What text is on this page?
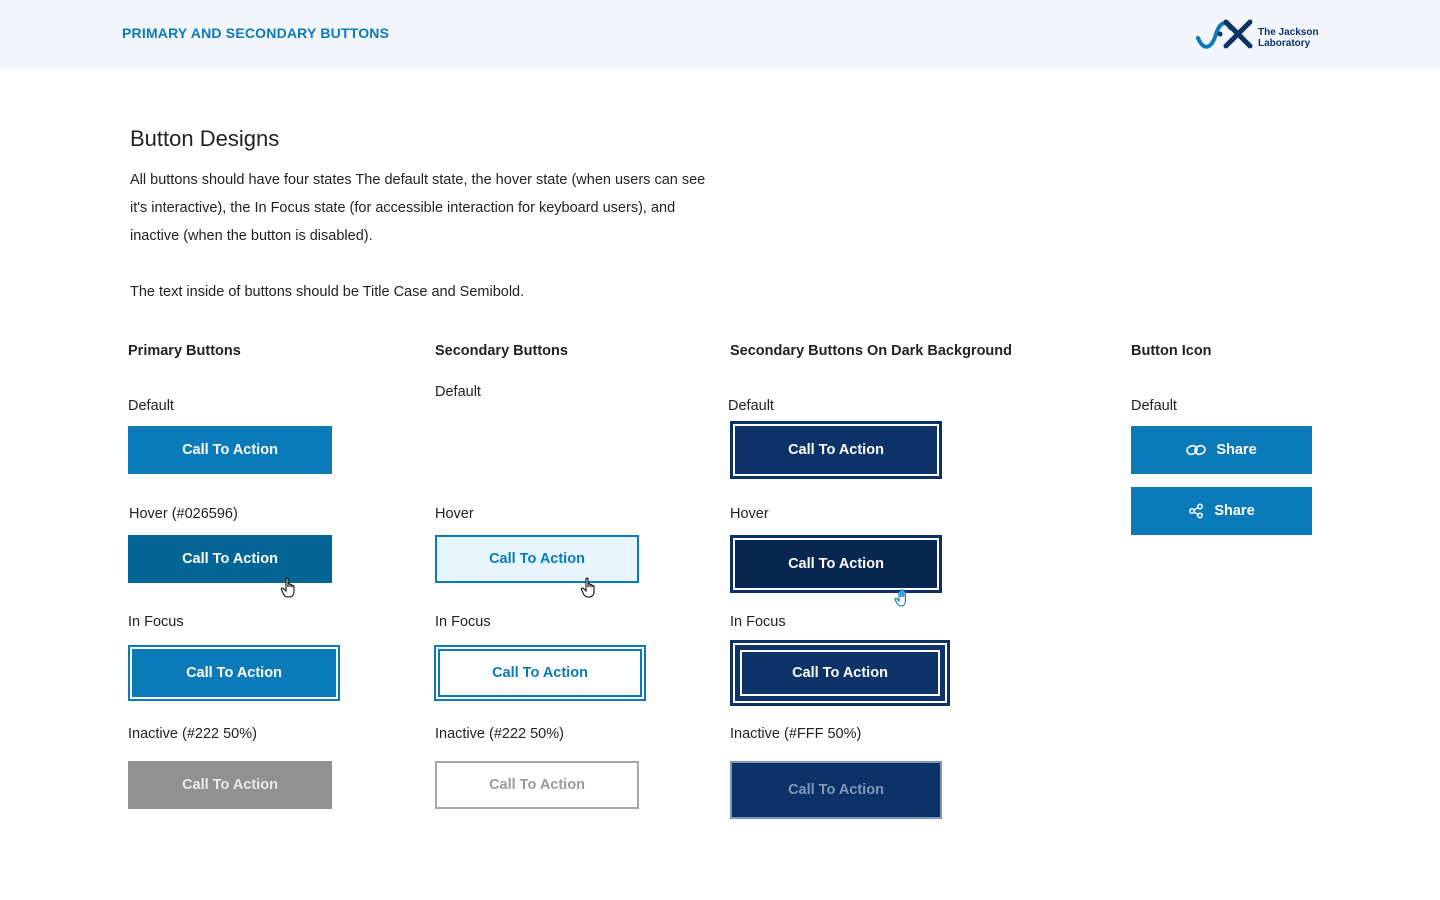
PRIMARY AND SECONDARY BUTTONS	The Jackson
Laboratory
Button Designs

All buttons should have four states The default state, the hover state (when users can see it's interactive), the In Focus state (for accessible interaction for keyboard users), and inactive (when the button is disabled).

The text inside of buttons should be Title Case and Semibold.

Primary Buttons
Default
Call To Action
Hover (#026596)
Call To Action
In Focus
Call To Action
Inactive (#222 50%)
Call To Action
Secondary Buttons
Default
Hover
Call To Action
In Focus
Call To Action
Inactive (#222 50%)
Call To Action
Secondary Buttons On Dark Background
Default
Call To Action
Hover
Call To Action
In Focus
Call To Action
Inactive (#FFF 50%)
Call To Action
Button Icon
Default
Share
Share
